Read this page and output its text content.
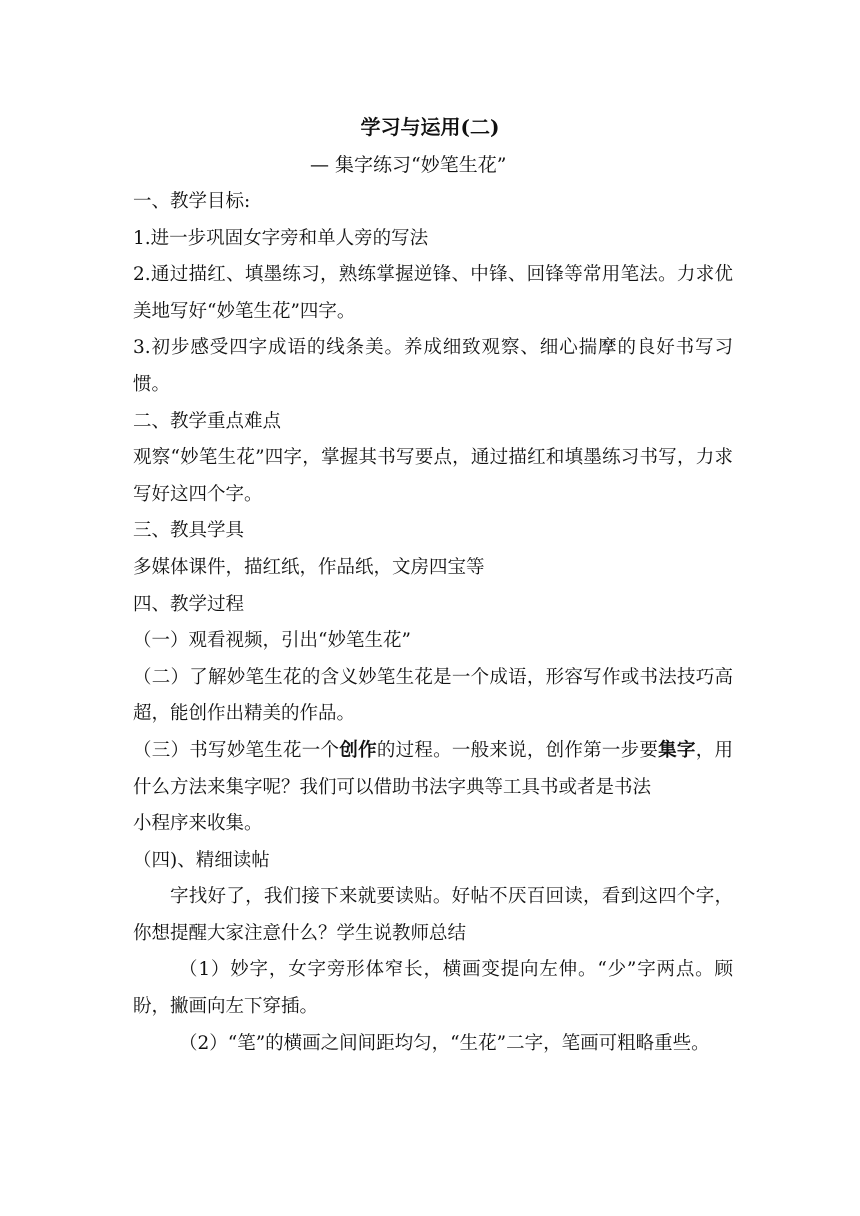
学习与运用(二)
— 集字练习“妙笔生花”

一、教学目标:

1.进一步巩固女字旁和单人旁的写法

2.通过描红、填墨练习，熟练掌握逆锋、中锋、回锋等常用笔法。力求优美地写好“妙笔生花”四字。

3.初步感受四字成语的线条美。养成细致观察、细心揣摩的良好书写习惯。

二、教学重点难点

观察“妙笔生花”四字，掌握其书写要点，通过描红和填墨练习书写，力求写好这四个字。

三、教具学具

多媒体课件，描红纸，作品纸，文房四宝等

四、教学过程

（一）观看视频，引出“妙笔生花”

（二）了解妙笔生花的含义妙笔生花是一个成语，形容写作或书法技巧高超，能创作出精美的作品。

（三）书写妙笔生花一个创作的过程。一般来说，创作第一步要集字，用什么方法来集字呢？我们可以借助书法字典等工具书或者是书法

小程序来收集。

（四)、精细读帖

字找好了，我们接下来就要读贴。好帖不厌百回读，看到这四个字，你想提醒大家注意什么？学生说教师总结

（1）妙字，女字旁形体窄长，横画变提向左伸。“少”字两点。顾盼，撇画向左下穿插。

（2）“笔”的横画之间间距均匀，“生花”二字，笔画可粗略重些。
